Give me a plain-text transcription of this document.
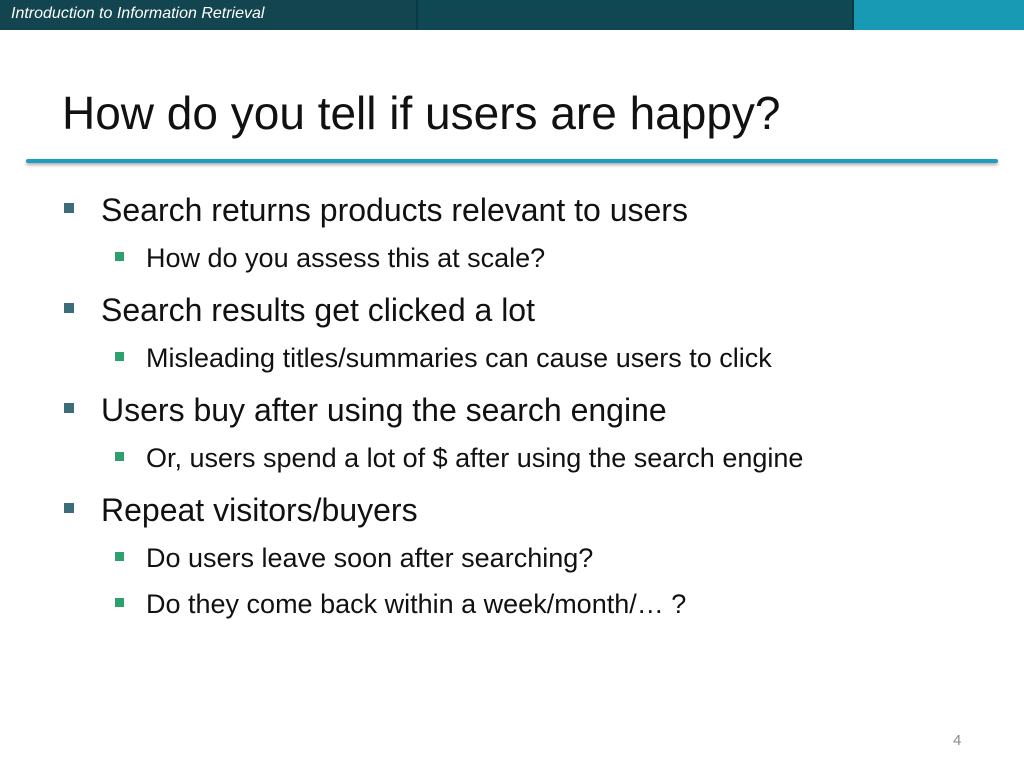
Introduction to Information Retrieval
How do you tell if users are happy?
Search returns products relevant to users
How do you assess this at scale?
Search results get clicked a lot
Misleading titles/summaries can cause users to click
Users buy after using the search engine
Or, users spend a lot of $ after using the search engine
Repeat visitors/buyers
Do users leave soon after searching?
Do they come back within a week/month/… ?
4
